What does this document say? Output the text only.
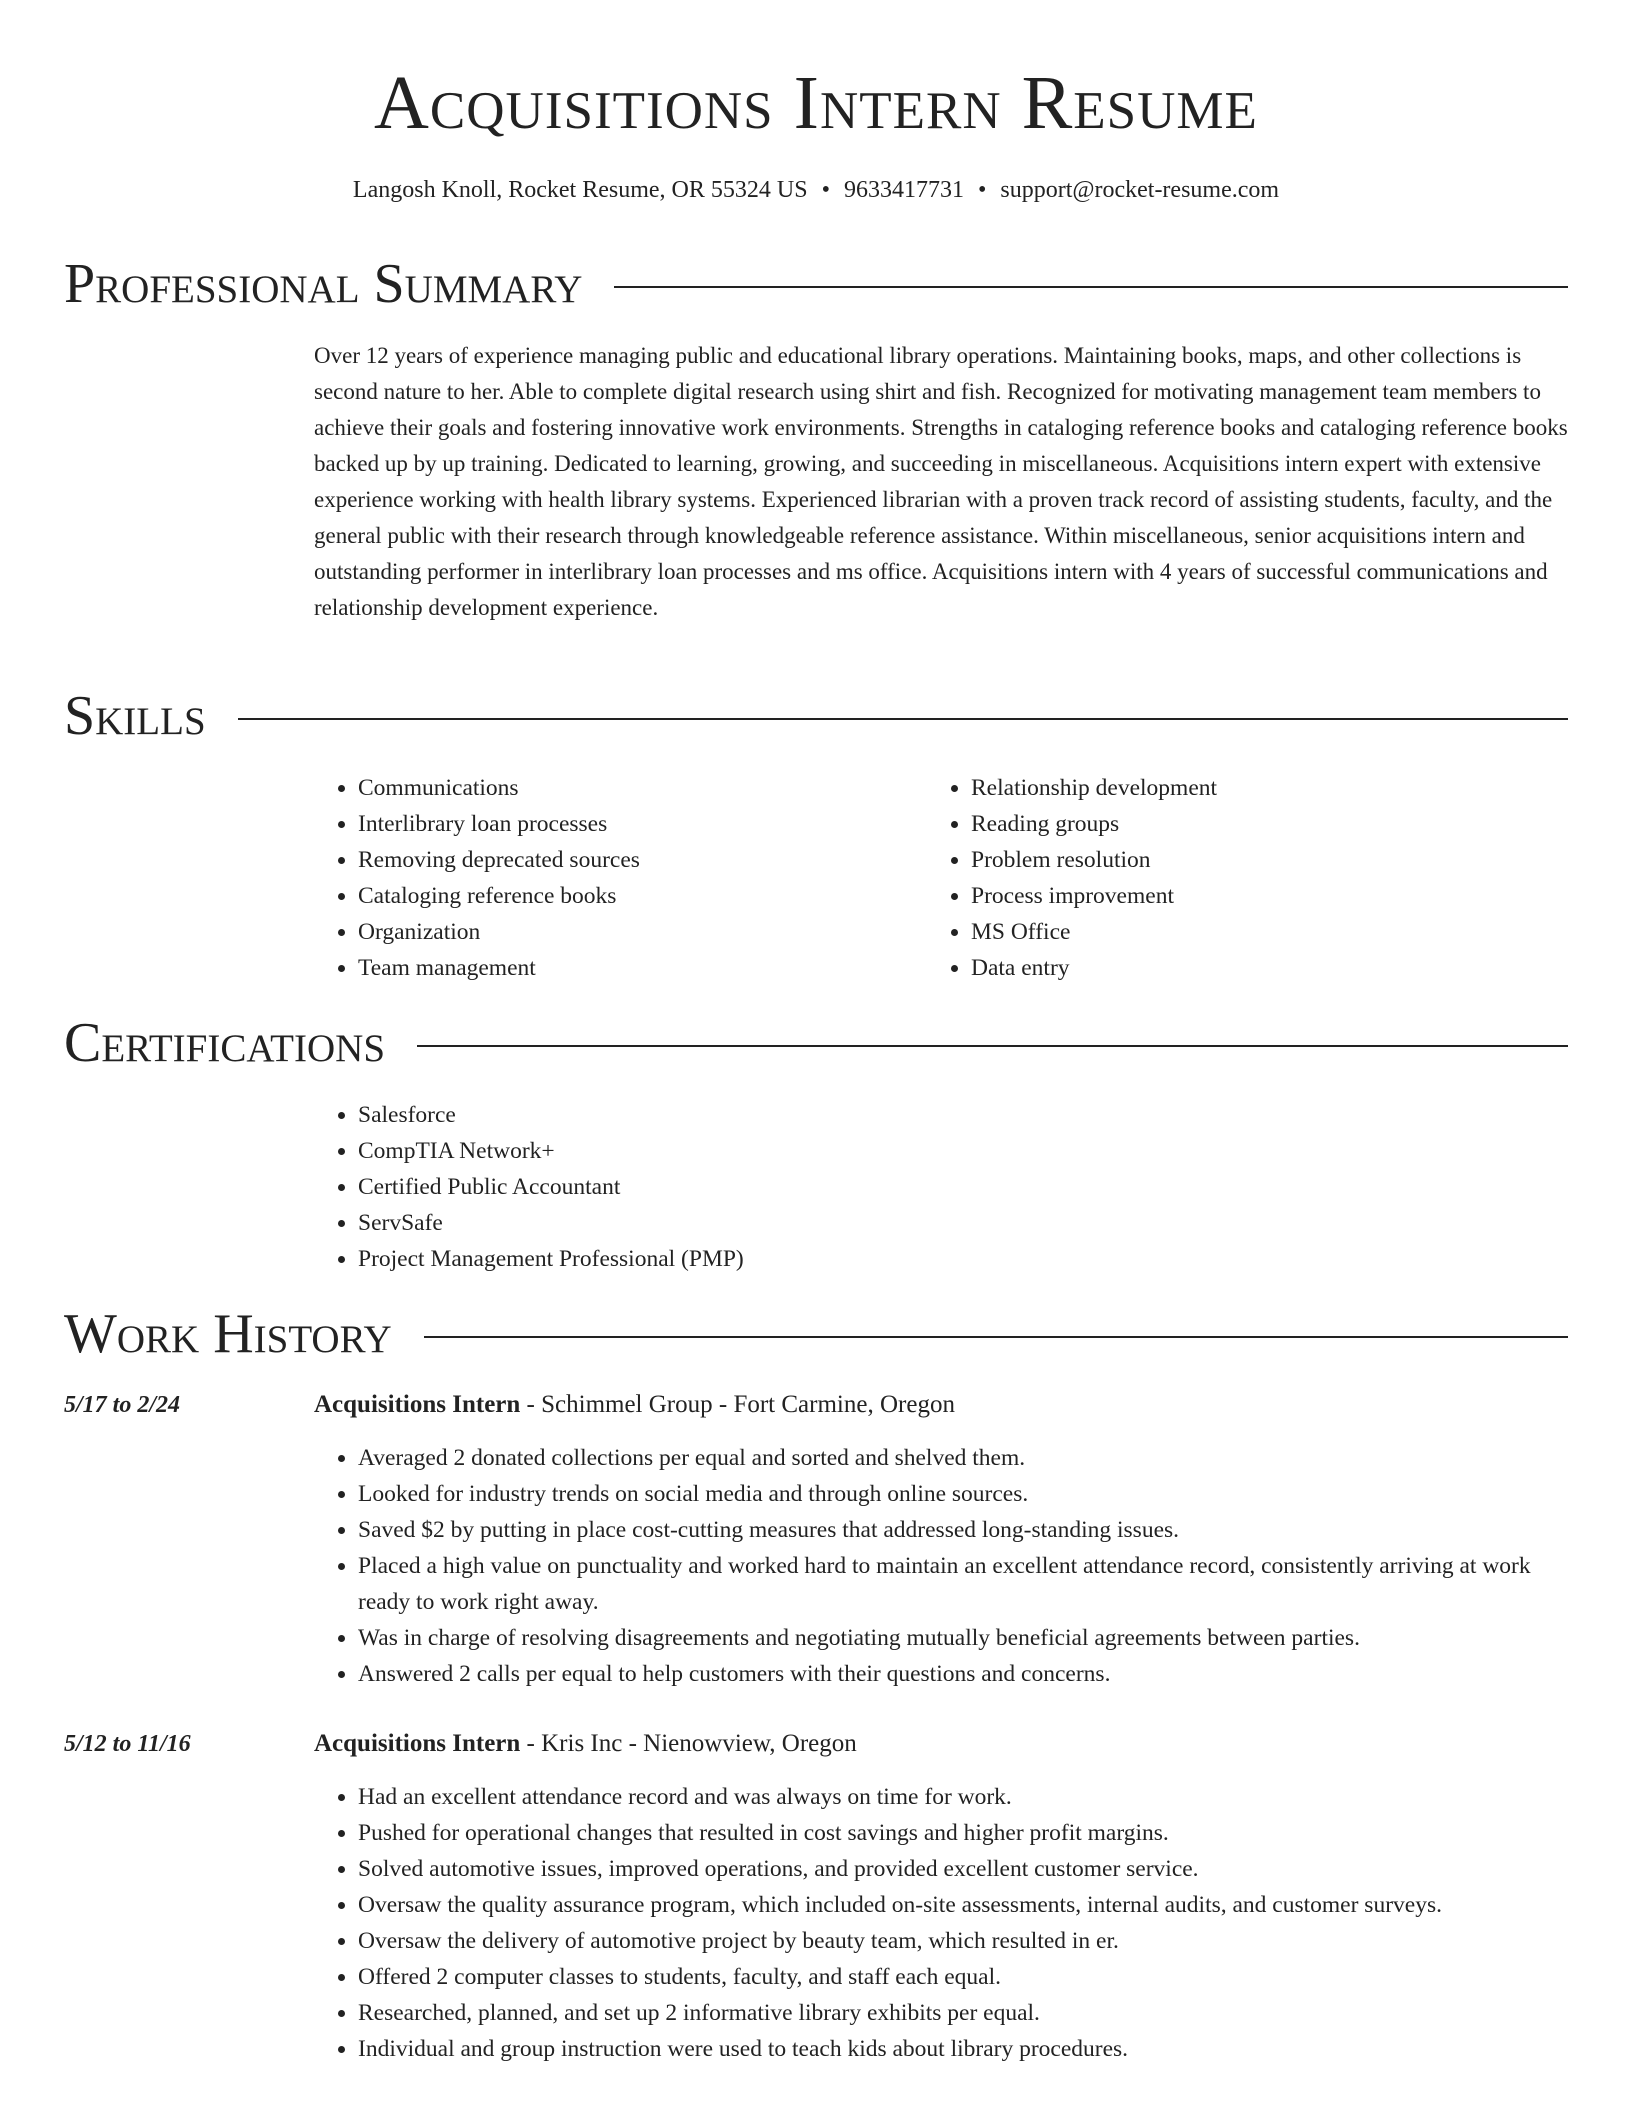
Acquisitions Intern Resume
Langosh Knoll, Rocket Resume, OR 55324 US • 9633417731 • support@rocket-resume.com
Professional Summary

Over 12 years of experience managing public and educational library operations. Maintaining books, maps, and other collections is second nature to her. Able to complete digital research using shirt and fish. Recognized for motivating management team members to achieve their goals and fostering innovative work environments. Strengths in cataloging reference books and cataloging reference books backed up by up training. Dedicated to learning, growing, and succeeding in miscellaneous. Acquisitions intern expert with extensive experience working with health library systems. Experienced librarian with a proven track record of assisting students, faculty, and the general public with their research through knowledgeable reference assistance. Within miscellaneous, senior acquisitions intern and outstanding performer in interlibrary loan processes and ms office. Acquisitions intern with 4 years of successful communications and relationship development experience.

Skills
• Communications
• Interlibrary loan processes
• Removing deprecated sources
• Cataloging reference books
• Organization
• Team management
• Relationship development
• Reading groups
• Problem resolution
• Process improvement
• MS Office
• Data entry
Certifications
• Salesforce
• CompTIA Network+
• Certified Public Accountant
• ServSafe
• Project Management Professional (PMP)
Work History
5/17 to 2/24	Acquisitions Intern - Schimmel Group - Fort Carmine, Oregon
• Averaged 2 donated collections per equal and sorted and shelved them.
• Looked for industry trends on social media and through online sources.
• Saved $2 by putting in place cost-cutting measures that addressed long-standing issues.
• Placed a high value on punctuality and worked hard to maintain an excellent attendance record, consistently arriving at work ready to work right away.
• Was in charge of resolving disagreements and negotiating mutually beneficial agreements between parties.
• Answered 2 calls per equal to help customers with their questions and concerns.
5/12 to 11/16	Acquisitions Intern - Kris Inc - Nienowview, Oregon
• Had an excellent attendance record and was always on time for work.
• Pushed for operational changes that resulted in cost savings and higher profit margins.
• Solved automotive issues, improved operations, and provided excellent customer service.
• Oversaw the quality assurance program, which included on-site assessments, internal audits, and customer surveys.
• Oversaw the delivery of automotive project by beauty team, which resulted in er.
• Offered 2 computer classes to students, faculty, and staff each equal.
• Researched, planned, and set up 2 informative library exhibits per equal.
• Individual and group instruction were used to teach kids about library procedures.
